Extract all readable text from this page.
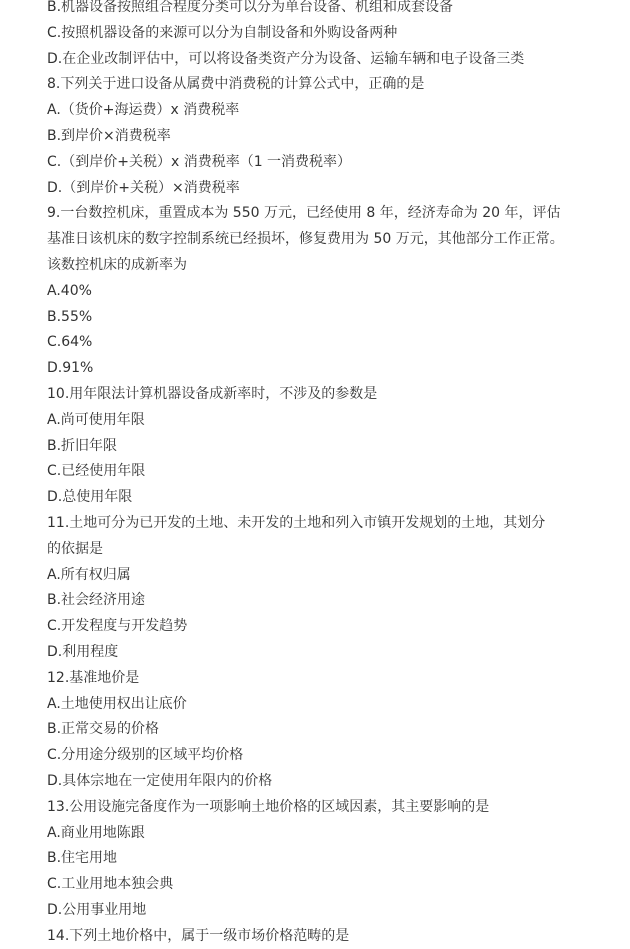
B.机器设备按照组合程度分类可以分为单台设备、机组和成套设备
C.按照机器设备的来源可以分为自制设备和外购设备两种
D.在企业改制评估中，可以将设备类资产分为设备、运输车辆和电子设备三类
8.下列关于进口设备从属费中消费税的计算公式中，正确的是
A.（货价+海运费）x 消费税率
B.到岸价×消费税率
C.（到岸价+关税）x 消费税率（1 一消费税率）
D.（到岸价+关税）×消费税率
9.一台数控机床，重置成本为 550 万元，已经使用 8 年，经济寿命为 20 年，评估
基准日该机床的数字控制系统已经损坏，修复费用为 50 万元，其他部分工作正常。
该数控机床的成新率为
A.40%
B.55%
C.64%
D.91%
10.用年限法计算机器设备成新率时，不涉及的参数是
A.尚可使用年限
B.折旧年限
C.已经使用年限
D.总使用年限
11.土地可分为已开发的土地、未开发的土地和列入市镇开发规划的土地，其划分
的依据是
A.所有权归属
B.社会经济用途
C.开发程度与开发趋势
D.利用程度
12.基准地价是
A.土地使用权出让底价
B.正常交易的价格
C.分用途分级别的区域平均价格
D.具体宗地在一定使用年限内的价格
13.公用设施完备度作为一项影响土地价格的区域因素，其主要影响的是
A.商业用地陈跟
B.住宅用地
C.工业用地本独会典
D.公用事业用地
14.下列土地价格中，属于一级市场价格范畴的是
